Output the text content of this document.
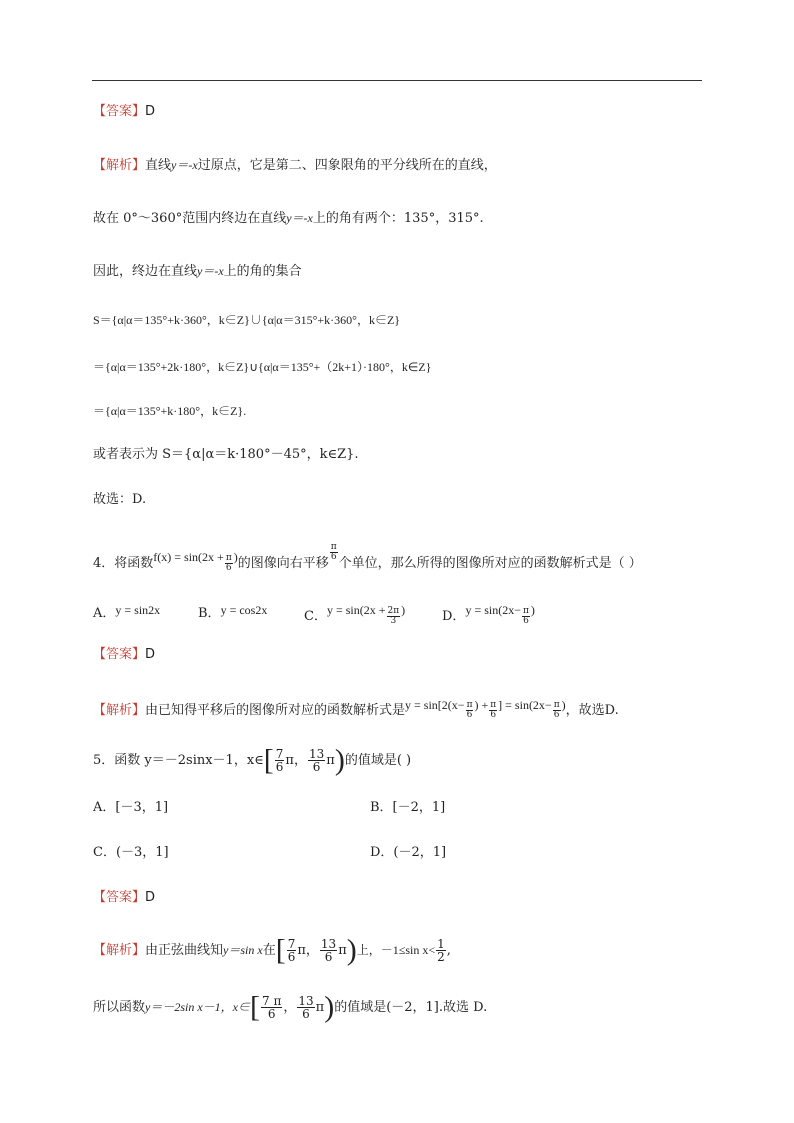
【答案】D
【解析】直线y＝-x过原点，它是第二、四象限角的平分线所在的直线，
故在 0°～360°范围内终边在直线y＝-x上的角有两个：135°，315°.
因此，终边在直线y＝-x上的角的集合
S＝{α|α＝135°+k·360°，k∈Z}∪{α|α＝315°+k·360°，k∈Z}
＝{α|α＝135°+2k·180°，k∈Z}∪{α|α＝135°+（2k+1）·180°，k∈Z}
＝{α|α＝135°+k·180°，k∈Z}.
或者表示为 S＝{α|α＝k·180°－45°，k∈Z}.
故选：D.
4．将函数$f(x) = \sin(2x + \frac{\pi}{6}$ )的图像向右平移
$\frac{\pi}{6}$
个单位，那么所得的图像所对应的函数解析式是（ ）
A．y = sin2x	B．y = cos2x	C．$y = \sin(2x + \frac{2\pi}{3}$ )	D．$y = \sin(2x- \frac{\pi}{6}$ )
【答案】D
【解析】由已知得平移后的图像所对应的函数解析式是$y = \sin[2(x- \frac{\pi}{6}$ ) + $\frac{\pi}{6}$ ] = $\sin(2x- \frac{\pi}{6}$ )，故选D.
5．函数 y＝－2sinx－1，x∈[ $\frac{7}{6}$ π， $\frac{13}{6} \pi$)的值域是( )
A．[－3，1]	B．[－2，1]
C．(－3，1]	D．(－2，1]
【答案】D
【解析】由正弦曲线知y＝sin x在[ $\frac{7}{6}$ π， $\frac{13}{6} \pi$)上，－1≤sin $x< \frac{1}{2}$ ,
所以函数y＝－2sin x－1，x∈[ $\frac{7 \pi}{6}$ ， $\frac{13}{6} \pi$)的值域是(－2，1].故选 D.
